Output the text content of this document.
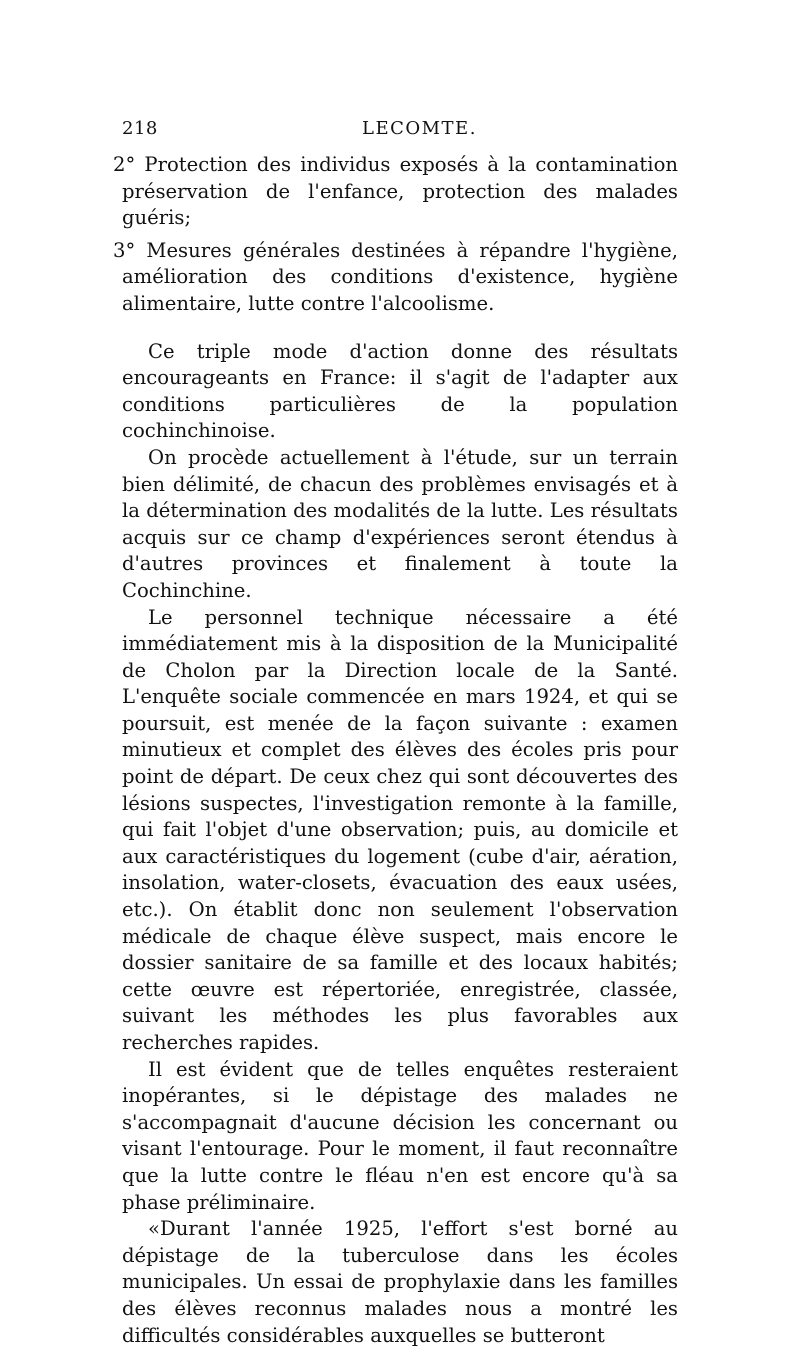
218	LECOMTE.

2° Protection des individus exposés à la contamination préservation de l'enfance, protection des malades guéris;

3° Mesures générales destinées à répandre l'hygiène, amélioration des conditions d'existence, hygiène alimentaire, lutte contre l'alcoolisme.

Ce triple mode d'action donne des résultats encourageants en France: il s'agit de l'adapter aux conditions particulières de la population cochinchinoise.

On procède actuellement à l'étude, sur un terrain bien délimité, de chacun des problèmes envisagés et à la détermination des modalités de la lutte. Les résultats acquis sur ce champ d'expériences seront étendus à d'autres provinces et finalement à toute la Cochinchine.

Le personnel technique nécessaire a été immédiatement mis à la disposition de la Municipalité de Cholon par la Direction locale de la Santé. L'enquête sociale commencée en mars 1924, et qui se poursuit, est menée de la façon suivante : examen minutieux et complet des élèves des écoles pris pour point de départ. De ceux chez qui sont découvertes des lésions suspectes, l'investigation remonte à la famille, qui fait l'objet d'une observation; puis, au domicile et aux caractéristiques du logement (cube d'air, aération, insolation, water-closets, évacuation des eaux usées, etc.). On établit donc non seulement l'observation médicale de chaque élève suspect, mais encore le dossier sanitaire de sa famille et des locaux habités; cette œuvre est répertoriée, enregistrée, classée, suivant les méthodes les plus favorables aux recherches rapides.

Il est évident que de telles enquêtes resteraient inopérantes, si le dépistage des malades ne s'accompagnait d'aucune décision les concernant ou visant l'entourage. Pour le moment, il faut reconnaître que la lutte contre le fléau n'en est encore qu'à sa phase préliminaire.

«Durant l'année 1925, l'effort s'est borné au dépistage de la tuberculose dans les écoles municipales. Un essai de prophylaxie dans les familles des élèves reconnus malades nous a montré les difficultés considérables auxquelles se butteront
